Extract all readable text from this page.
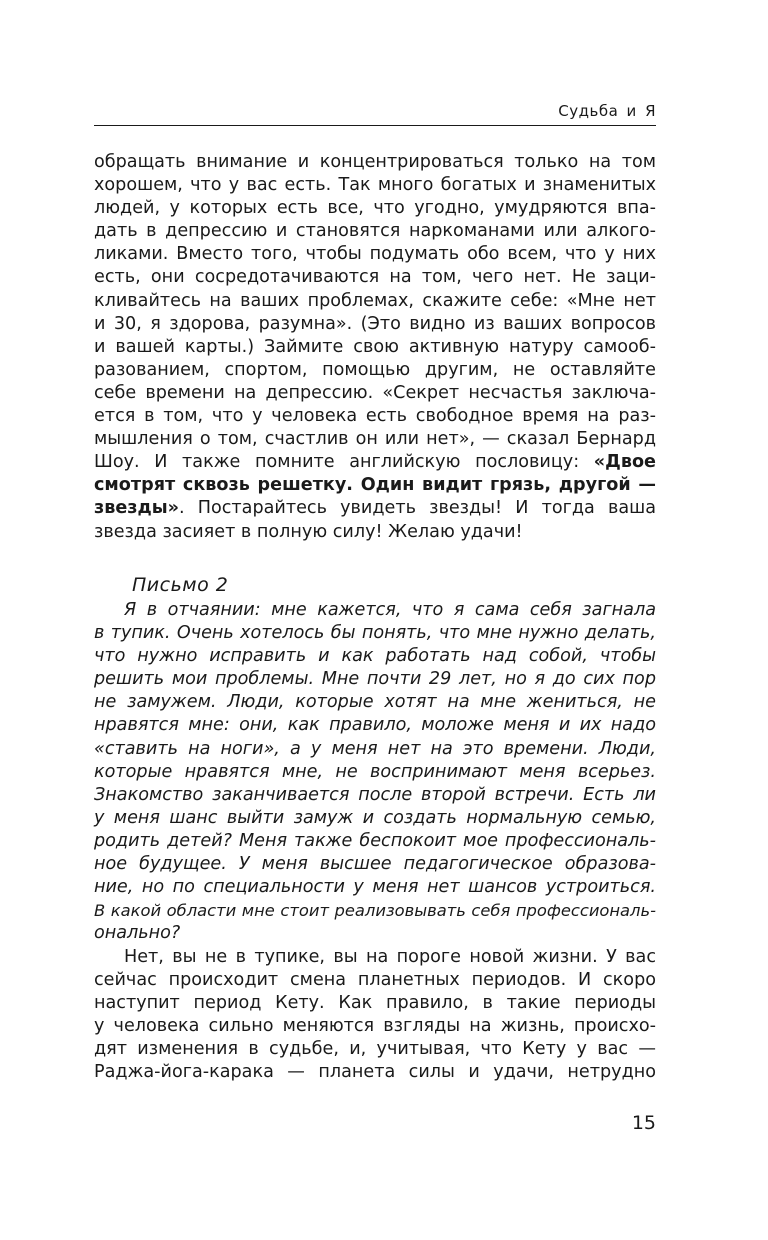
Судьба и Я
обращать внимание и концентрироваться только на том
хорошем, что у вас есть. Так много богатых и знаменитых
людей, у которых есть все, что угодно, умудряются впа-
дать в депрессию и становятся наркоманами или алкого-
ликами. Вместо того, чтобы подумать обо всем, что у них
есть, они сосредотачиваются на том, чего нет. Не заци-
кливайтесь на ваших проблемах, скажите себе: «Мне нет
и 30, я здорова, разумна». (Это видно из ваших вопросов
и вашей карты.) Займите свою активную натуру самооб-
разованием, спортом, помощью другим, не оставляйте
себе времени на депрессию. «Секрет несчастья заключа-
ется в том, что у человека есть свободное время на раз-
мышления о том, счастлив он или нет», — сказал Бернард
Шоу. И также помните английскую пословицу: «Двое
смотрят сквозь решетку. Один видит грязь, другой —
звезды». Постарайтесь увидеть звезды! И тогда ваша
звезда засияет в полную силу! Желаю удачи!
Письмо 2
Я в отчаянии: мне кажется, что я сама себя загнала
в тупик. Очень хотелось бы понять, что мне нужно делать,
что нужно исправить и как работать над собой, чтобы
решить мои проблемы. Мне почти 29 лет, но я до сих пор
не замужем. Люди, которые хотят на мне жениться, не
нравятся мне: они, как правило, моложе меня и их надо
«ставить на ноги», а у меня нет на это времени. Люди,
которые нравятся мне, не воспринимают меня всерьез.
Знакомство заканчивается после второй встречи. Есть ли
у меня шанс выйти замуж и создать нормальную семью,
родить детей? Меня также беспокоит мое профессиональ-
ное будущее. У меня высшее педагогическое образова-
ние, но по специальности у меня нет шансов устроиться.
В какой области мне стоит реализовывать себя профессиональ-
онально?
Нет, вы не в тупике, вы на пороге новой жизни. У вас
сейчас происходит смена планетных периодов. И скоро
наступит период Кету. Как правило, в такие периоды
у человека сильно меняются взгляды на жизнь, происхо-
дят изменения в судьбе, и, учитывая, что Кету у вас —
Раджа-йога-карака — планета силы и удачи, нетрудно
15
